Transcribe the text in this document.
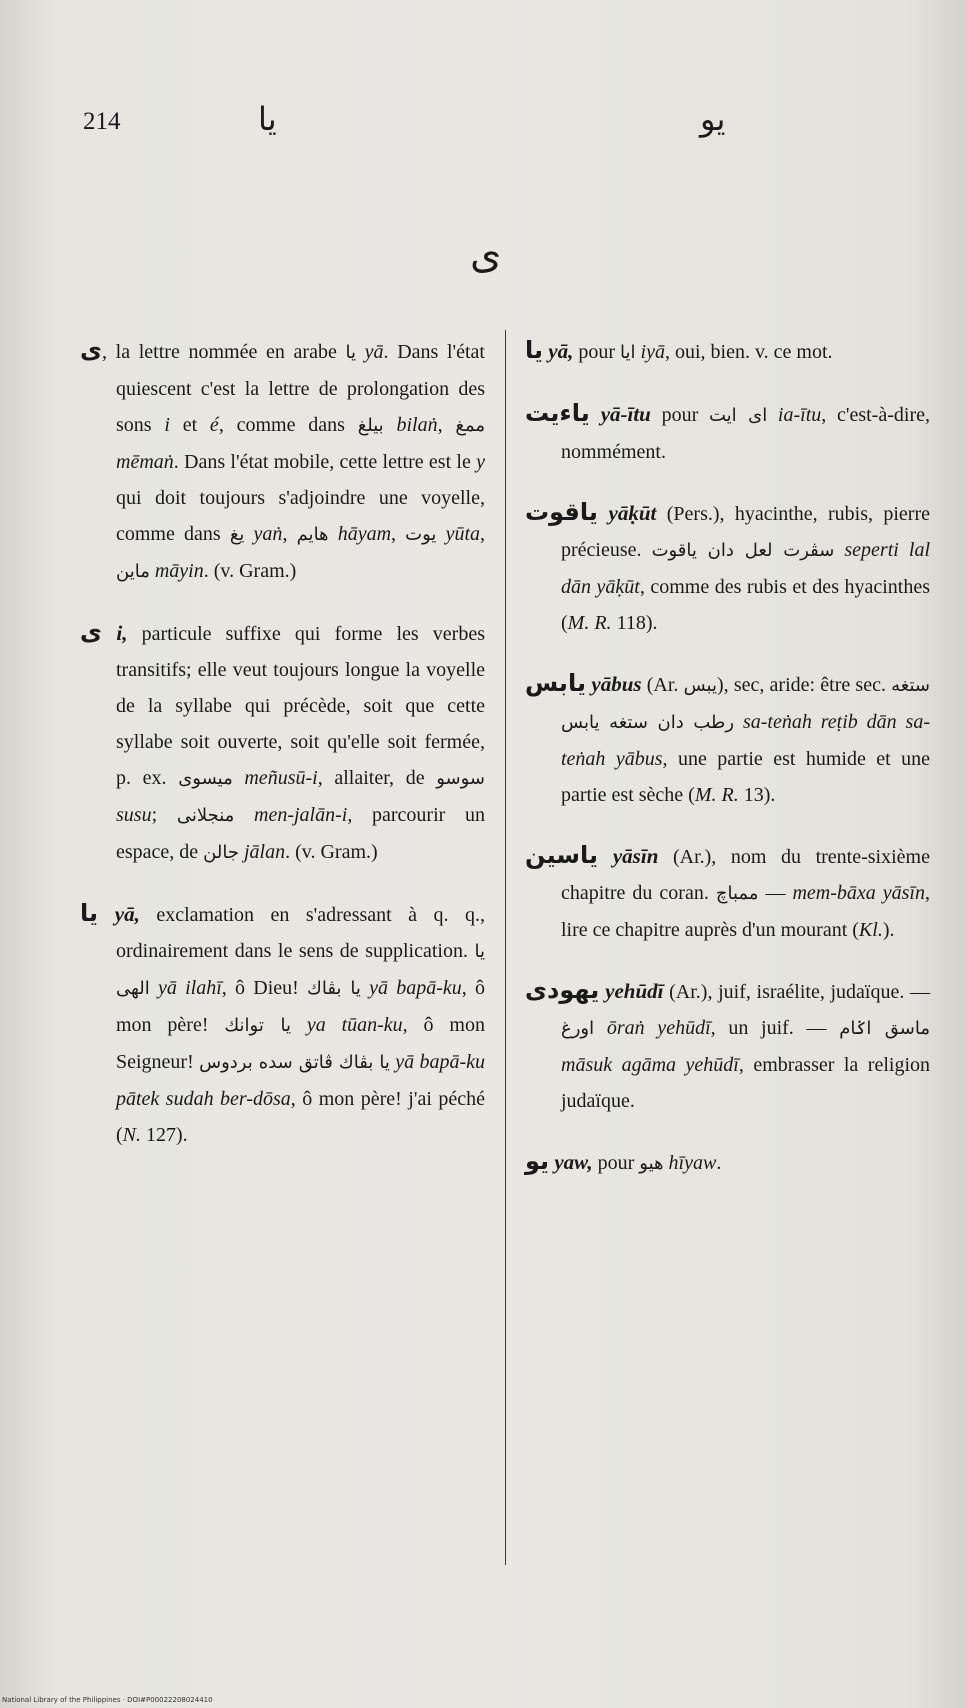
214	يا	يو
ى

ى, la lettre nommée en arabe يا yā. Dans l'état quiescent c'est la lettre de prolongation des sons i et é, comme dans بيلغ bilaṅ, ممغ mēmaṅ. Dans l'état mobile, cette lettre est le y qui doit toujours s'adjoindre une voyelle, comme dans يغ yaṅ, هايم hāyam, يوت yūta, ماين māyin. (v. Gram.)

ى i, particule suffixe qui forme les verbes transitifs; elle veut toujours longue la voyelle de la syllabe qui précède, soit que cette syllabe soit ouverte, soit qu'elle soit fermée, p. ex. ميسوى meñusū-i, allaiter, de سوسو susu; منجلانى men-jalān-i, parcourir un espace, de جالن jālan. (v. Gram.)

يا yā, exclamation en s'adressant à q. q., ordinairement dans le sens de supplication. يا الهى yā ilahī, ô Dieu! يا بڤاك yā bapā-ku, ô mon père! يا توانك ya tūan-ku, ô mon Seigneur! يا بڤاك ڤاتق سده بردوس yā bapā-ku pātek sudah ber-dōsa, ô mon père! j'ai péché (N. 127).

يا yā, pour ايا iyā, oui, bien. v. ce mot.

ياءيت yā-ītu pour اى ايت ia-ītu, c'est-à-dire, nommément.

ياقوت yāḳūt (Pers.), hyacinthe, rubis, pierre précieuse. سڤرت لعل دان ياقوت seperti lal dān yāḳūt, comme des rubis et des hyacinthes (M. R. 118).

يابس yābus (Ar. يبس), sec, aride: être sec. ستغه رطب دان ستغه يابس sa-teṅah reṭib dān sa-teṅah yābus, une partie est humide et une partie est sèche (M. R. 13).

ياسين yāsīn (Ar.), nom du trente-sixième chapitre du coran. ممباچ — mem-bāxa yāsīn, lire ce chapitre auprès d'un mourant (Kl.).

يهودى yehūdī (Ar.), juif, israélite, judaïque. — اورغ ōraṅ yehūdī, un juif. — ماسق اݢام māsuk agāma yehūdī, embrasser la religion judaïque.

يو yaw, pour هيو hīyaw.

National Library of the Philippines · DOI#P00022208024410
